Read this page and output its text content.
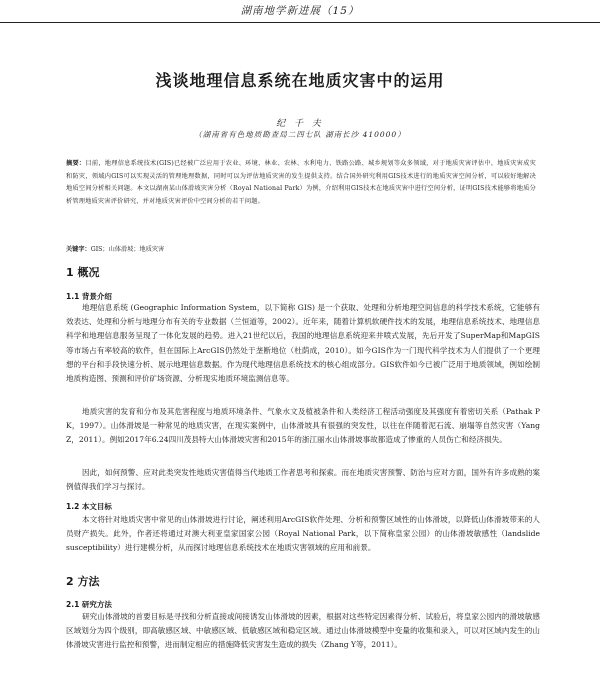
湖南地学新进展（15）
浅谈地理信息系统在地质灾害中的运用
纪 千 夫
（湖南省有色地质勘查局二四七队 湖南长沙 410000）
摘要：目前，地理信息系统技术(GIS)已经被广泛应用于农业、环境、林业、农林、水利电力、铁路公路、城乡规划等众多领域，对于地质灾害评估中，地质灾害成灾和防灾，领域内GIS可以实现灵活的管理地理数据，同时可以为评估地质灾害的发生提供支持。结合国外研究利用GIS技术进行的地质灾害空间分析，可以较好地解决地质空间分析相关问题。本文以湖南某山体滑坡灾害分析（Royal National Park）为例，介绍利用GIS技术在地质灾害中进行空间分析，证明GIS技术能够将地质分析管理地质灾害评价研究，并对地质灾害评价中空间分析的若干问题。
关键字：GIS；山体滑坡；地质灾害
1 概况
1.1 背景介绍

地理信息系统 (Geographic Information System，以下简称 GIS) 是一个获取、处理和分析地理空间信息的科学技术系统，它能够有效表达、处理和分析与地理分布有关的专业数据（兰恒道等，2002）。近年来，随着计算机软硬件技术的发展，地理信息系统技术、地理信息科学和地理信息服务呈现了一体化发展的趋势。进入21世纪以后，我国的地理信息系统迎来井喷式发展，先后开发了SuperMap和MapGIS等市场占有率较高的软件，但在国际上ArcGIS仍然处于垄断地位（杜荫成，2010）。如今GIS作为一门现代科学技术为人们提供了一个更理想的平台和手段快速分析、展示地理信息数据。作为现代地理信息系统技术的核心组成部分。GIS软件如今已被广泛用于地质领域，例如绘制地质构造图、预测和评价矿场资源、分析现实地质环境监测信息等。

地质灾害的发育和分布及其危害程度与地质环境条件、气象水文及植被条件和人类经济工程活动强度及其强度有着密切关系（Pathak P K，1997）。山体滑坡是一种常见的地质灾害，在现实案例中，山体滑坡具有很强的突发性，以往在伴随着泥石流、崩塌等自然灾害（Yang Z，2011）。例如2017年6.24四川茂县特大山体滑坡灾害和2015年的浙江丽水山体滑坡事故都造成了惨重的人员伤亡和经济损失。

因此，如何预警、应对此类突发性地质灾害值得当代地质工作者思考和探索。而在地质灾害预警、防治与应对方面，国外有许多成熟的案例值得我们学习与探讨。

1.2 本文目标

本文将针对地质灾害中常见的山体滑坡进行讨论，阐述利用ArcGIS软件处理、分析和预警区域性的山体滑坡，以降低山体滑坡带来的人员财产损失。此外，作者还将通过对澳大利亚皇家国家公园（Royal National Park，以下简称皇家公园）的山体滑坡敏感性（landslide susceptibility）进行建模分析，从而探讨地理信息系统技术在地质灾害领域的应用和前景。

2 方法
2.1 研究方法

研究山体滑坡的首要目标是寻找和分析直接或间接诱发山体滑坡的因素，根据对这些特定因素得分析、试验后，将皇家公园内的滑坡敏感区域划分为四个级别，即高敏感区域、中敏感区域、低敏感区域和稳定区域。通过山体滑坡模型中变量的收集和录入，可以对区域内发生的山体滑坡灾害进行监控和预警，进而制定相应的措施降低灾害发生造成的损失（Zhang Y等，2011）。
